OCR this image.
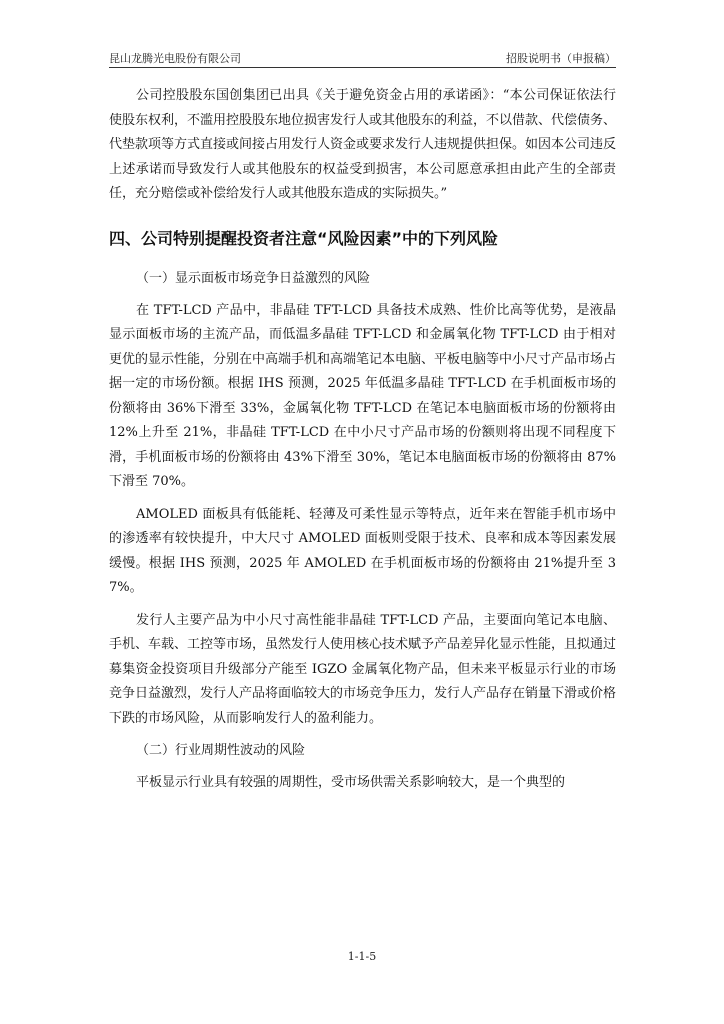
昆山龙腾光电股份有限公司	招股说明书（申报稿）

公司控股股东国创集团已出具《关于避免资金占用的承诺函》：“本公司保证依法行使股东权利，不滥用控股股东地位损害发行人或其他股东的利益，不以借款、代偿债务、代垫款项等方式直接或间接占用发行人资金或要求发行人违规提供担保。如因本公司违反上述承诺而导致发行人或其他股东的权益受到损害，本公司愿意承担由此产生的全部责任，充分赔偿或补偿给发行人或其他股东造成的实际损失。”

四、公司特别提醒投资者注意“风险因素”中的下列风险
（一）显示面板市场竞争日益激烈的风险

在 TFT-LCD 产品中，非晶硅 TFT-LCD 具备技术成熟、性价比高等优势，是液晶显示面板市场的主流产品，而低温多晶硅 TFT-LCD 和金属氧化物 TFT-LCD 由于相对更优的显示性能，分别在中高端手机和高端笔记本电脑、平板电脑等中小尺寸产品市场占据一定的市场份额。根据 IHS 预测，2025 年低温多晶硅 TFT-LCD 在手机面板市场的份额将由 36%下滑至 33%，金属氧化物 TFT-LCD 在笔记本电脑面板市场的份额将由 12%上升至 21%，非晶硅 TFT-LCD 在中小尺寸产品市场的份额则将出现不同程度下滑，手机面板市场的份额将由 43%下滑至 30%，笔记本电脑面板市场的份额将由 87%下滑至 70%。

AMOLED 面板具有低能耗、轻薄及可柔性显示等特点，近年来在智能手机市场中的渗透率有较快提升，中大尺寸 AMOLED 面板则受限于技术、良率和成本等因素发展缓慢。根据 IHS 预测，2025 年 AMOLED 在手机面板市场的份额将由 21%提升至 37%。

发行人主要产品为中小尺寸高性能非晶硅 TFT-LCD 产品，主要面向笔记本电脑、手机、车载、工控等市场，虽然发行人使用核心技术赋予产品差异化显示性能，且拟通过募集资金投资项目升级部分产能至 IGZO 金属氧化物产品，但未来平板显示行业的市场竞争日益激烈，发行人产品将面临较大的市场竞争压力，发行人产品存在销量下滑或价格下跌的市场风险，从而影响发行人的盈利能力。

（二）行业周期性波动的风险

平板显示行业具有较强的周期性，受市场供需关系影响较大，是一个典型的

1-1-5
